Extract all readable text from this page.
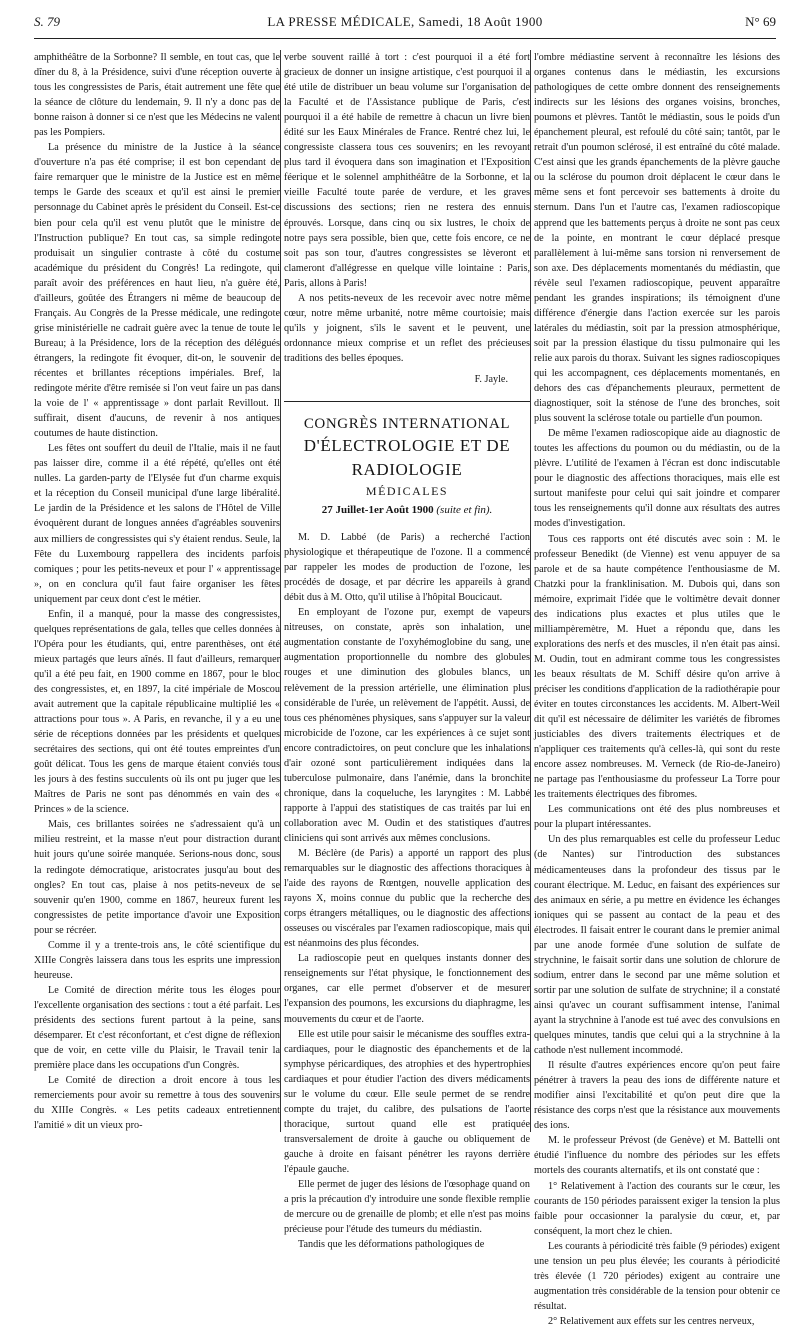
S. 79	LA PRESSE MÉDICALE, Samedi, 18 Août 1900	N° 69

amphithéâtre de la Sorbonne? Il semble, en tout cas, que le dîner du 8, à la Présidence, suivi d'une réception ouverte à tous les congressistes de Paris, était autrement une fête que la séance de clôture du lendemain, 9. Il n'y a donc pas de bonne raison à donner si ce n'est que les Médecins ne valent pas les Pompiers.

La présence du ministre de la Justice à la séance d'ouverture n'a pas été comprise; il est bon cependant de faire remarquer que le ministre de la Justice est en même temps le Garde des sceaux et qu'il est ainsi le premier personnage du Cabinet après le président du Conseil. Est-ce bien pour cela qu'il est venu plutôt que le ministre de l'Instruction publique? En tout cas, sa simple redingote produisait un singulier contraste à côté du costume académique du président du Congrès! La redingote, qui paraît avoir des préférences en haut lieu, n'a guère été, d'ailleurs, goûtée des Étrangers ni même de beaucoup de Français. Au Congrès de la Presse médicale, une redingote grise ministérielle ne cadrait guère avec la tenue de toute le Bureau; à la Présidence, lors de la réception des délégués étrangers, la redingote fit évoquer, dit-on, le souvenir de récentes et brillantes réceptions impériales. Bref, la redingote mérite d'être remisée si l'on veut faire un pas dans la voie de l' « apprentissage » dont parlait Revillout. Il suffirait, disent d'aucuns, de revenir à nos antiques coutumes de haute distinction.

Les fêtes ont souffert du deuil de l'Italie, mais il ne faut pas laisser dire, comme il a été répété, qu'elles ont été nulles. La garden-party de l'Elysée fut d'un charme exquis et la réception du Conseil municipal d'une large libéralité. Le jardin de la Présidence et les salons de l'Hôtel de Ville évoquèrent durant de longues années d'agréables souvenirs aux milliers de congressistes qui s'y étaient rendus. Seule, la Fête du Luxembourg rappellera des incidents parfois comiques ; pour les petits-neveux et pour l' « apprentissage », on en conclura qu'il faut faire organiser les fêtes uniquement par ceux dont c'est le métier.

Enfin, il a manqué, pour la masse des congressistes, quelques représentations de gala, telles que celles données à l'Opéra pour les étudiants, qui, entre parenthèses, ont été mieux partagés que leurs aînés. Il faut d'ailleurs, remarquer qu'il a été peu fait, en 1900 comme en 1867, pour le bloc des congressistes, et, en 1897, la cité impériale de Moscou avait autrement que la capitale républicaine multiplié les « attractions pour tous ». A Paris, en revanche, il y a eu une série de réceptions données par les présidents et quelques secrétaires des sections, qui ont été toutes empreintes d'un goût délicat. Tous les gens de marque étaient conviés tous les jours à des festins succulents où ils ont pu juger que les Maîtres de Paris ne sont pas dénommés en vain des « Princes » de la science.

Mais, ces brillantes soirées ne s'adressaient qu'à un milieu restreint, et la masse n'eut pour distraction durant huit jours qu'une soirée manquée. Serions-nous donc, sous la redingote démocratique, aristocrates jusqu'au bout des ongles? En tout cas, plaise à nos petits-neveux de se souvenir qu'en 1900, comme en 1867, heureux furent les congressistes de petite importance d'avoir une Exposition pour se récréer.

Comme il y a trente-trois ans, le côté scientifique du XIIIe Congrès laissera dans tous les esprits une impression heureuse.

Le Comité de direction mérite tous les éloges pour l'excellente organisation des sections : tout a été parfait. Les présidents des sections furent partout à la peine, sans désemparer. Et c'est réconfortant, et c'est digne de réflexion que de voir, en cette ville du Plaisir, le Travail tenir la première place dans les occupations d'un Congrès.

Le Comité de direction a droit encore à tous les remerciements pour avoir su remettre à tous des souvenirs du XIIIe Congrès. « Les petits cadeaux entretiennent l'amitié » dit un vieux pro-

verbe souvent raillé à tort : c'est pourquoi il a été fort gracieux de donner un insigne artistique, c'est pourquoi il a été utile de distribuer un beau volume sur l'organisation de la Faculté et de l'Assistance publique de Paris, c'est pourquoi il a été habile de remettre à chacun un livre bien édité sur les Eaux Minérales de France. Rentré chez lui, le congressiste classera tous ces souvenirs; en les revoyant plus tard il évoquera dans son imagination et l'Exposition féerique et le solennel amphithéâtre de la Sorbonne, et la vieille Faculté toute parée de verdure, et les graves discussions des sections; rien ne restera des ennuis éprouvés. Lorsque, dans cinq ou six lustres, le choix de notre pays sera possible, bien que, cette fois encore, ce ne soit pas son tour, d'autres congressistes se lèveront et clameront d'allégresse en quelque ville lointaine : Paris, Paris, allons à Paris!

A nos petits-neveux de les recevoir avec notre même cœur, notre même urbanité, notre même courtoisie; mais qu'ils y joignent, s'ils le savent et le peuvent, une ordonnance mieux comprise et un reflet des précieuses traditions des belles époques.

F. Jayle.

CONGRÈS INTERNATIONAL
D'ÉLECTROLOGIE ET DE RADIOLOGIE
MÉDICALES
27 Juillet-1er Août 1900 (suite et fin).

M. D. Labbé (de Paris) a recherché l'action physiologique et thérapeutique de l'ozone. Il a commencé par rappeler les modes de production de l'ozone, les procédés de dosage, et par décrire les appareils à grand débit dus à M. Otto, qu'il utilise à l'hôpital Boucicaut.

En employant de l'ozone pur, exempt de vapeurs nitreuses, on constate, après son inhalation, une augmentation constante de l'oxyhémoglobine du sang, une augmentation proportionnelle du nombre des globules rouges et une diminution des globules blancs, un relèvement de la pression artérielle, une élimination plus considérable de l'urée, un relèvement de l'appétit. Aussi, de tous ces phénomènes physiques, sans s'appuyer sur la valeur microbicide de l'ozone, car les expériences à ce sujet sont encore contradictoires, on peut conclure que les inhalations d'air ozoné sont particulièrement indiquées dans la tuberculose pulmonaire, dans l'anémie, dans la bronchite chronique, dans la coqueluche, les laryngites : M. Labbé rapporte à l'appui des statistiques de cas traités par lui en collaboration avec M. Oudin et des statistiques d'autres cliniciens qui sont arrivés aux mêmes conclusions.

M. Béclère (de Paris) a apporté un rapport des plus remarquables sur le diagnostic des affections thoraciques à l'aide des rayons de Rœntgen, nouvelle application des rayons X, moins connue du public que la recherche des corps étrangers métalliques, ou le diagnostic des affections osseuses ou viscérales par l'examen radioscopique, mais qui est néanmoins des plus fécondes.

La radioscopie peut en quelques instants donner des renseignements sur l'état physique, le fonctionnement des organes, car elle permet d'observer et de mesurer l'expansion des poumons, les excursions du diaphragme, les mouvements du cœur et de l'aorte.

Elle est utile pour saisir le mécanisme des souffles extra-cardiaques, pour le diagnostic des épanchements et de la symphyse péricardiques, des atrophies et des hypertrophies cardiaques et pour étudier l'action des divers médicaments sur le volume du cœur. Elle seule permet de se rendre compte du trajet, du calibre, des pulsations de l'aorte thoracique, surtout quand elle est pratiquée transversalement de droite à gauche ou obliquement de gauche à droite en faisant pénétrer les rayons derrière l'épaule gauche.

Elle permet de juger des lésions de l'œsophage quand on a pris la précaution d'y introduire une sonde flexible remplie de mercure ou de grenaille de plomb; et elle n'est pas moins précieuse pour l'étude des tumeurs du médiastin.

Tandis que les déformations pathologiques de

l'ombre médiastine servent à reconnaître les lésions des organes contenus dans le médiastin, les excursions pathologiques de cette ombre donnent des renseignements indirects sur les lésions des organes voisins, bronches, poumons et plèvres. Tantôt le médiastin, sous le poids d'un épanchement pleural, est refoulé du côté sain; tantôt, par le retrait d'un poumon sclérosé, il est entraîné du côté malade. C'est ainsi que les grands épanchements de la plèvre gauche ou la sclérose du poumon droit déplacent le cœur dans le même sens et font percevoir ses battements à droite du sternum. Dans l'un et l'autre cas, l'examen radioscopique apprend que les battements perçus à droite ne sont pas ceux de la pointe, en montrant le cœur déplacé presque parallèlement à lui-même sans torsion ni renversement de son axe. Des déplacements momentanés du médiastin, que révèle seul l'examen radioscopique, peuvent apparaître pendant les grandes inspirations; ils témoignent d'une différence d'énergie dans l'action exercée sur les parois latérales du médiastin, soit par la pression atmosphérique, soit par la pression élastique du tissu pulmonaire qui les relie aux parois du thorax. Suivant les signes radioscopiques qui les accompagnent, ces déplacements momentanés, en dehors des cas d'épanchements pleuraux, permettent de diagnostiquer, soit la sténose de l'une des bronches, soit plus souvent la sclérose totale ou partielle d'un poumon.

De même l'examen radioscopique aide au diagnostic de toutes les affections du poumon ou du médiastin, ou de la plèvre. L'utilité de l'examen à l'écran est donc indiscutable pour le diagnostic des affections thoraciques, mais elle est surtout manifeste pour celui qui sait joindre et comparer tous les renseignements qu'il donne aux résultats des autres modes d'investigation.

Tous ces rapports ont été discutés avec soin : M. le professeur Benedikt (de Vienne) est venu appuyer de sa parole et de sa haute compétence l'enthousiasme de M. Chatzki pour la franklinisation. M. Dubois qui, dans son mémoire, exprimait l'idée que le voltimètre devait donner des indications plus exactes et plus utiles que le milliampèremètre, M. Huet a répondu que, dans les explorations des nerfs et des muscles, il n'en était pas ainsi. M. Oudin, tout en admirant comme tous les congressistes les beaux résultats de M. Schiff désire qu'on arrive à préciser les conditions d'application de la radiothérapie pour éviter en toutes circonstances les accidents. M. Albert-Weil dit qu'il est nécessaire de délimiter les variétés de fibromes justiciables des divers traitements électriques et de n'appliquer ces traitements qu'à celles-là, qui sont du reste encore assez nombreuses. M. Verneck (de Rio-de-Janeiro) ne partage pas l'enthousiasme du professeur La Torre pour les traitements électriques des fibromes.

Les communications ont été des plus nombreuses et pour la plupart intéressantes.

Un des plus remarquables est celle du professeur Leduc (de Nantes) sur l'introduction des substances médicamenteuses dans la profondeur des tissus par le courant électrique. M. Leduc, en faisant des expériences sur des animaux en série, a pu mettre en évidence les échanges ioniques qui se passent au contact de la peau et des électrodes. Il faisait entrer le courant dans le premier animal par une anode formée d'une solution de sulfate de strychnine, le faisait sortir dans une solution de chlorure de sodium, entrer dans le second par une même solution et sortir par une solution de sulfate de strychnine; il a constaté ainsi qu'avec un courant suffisamment intense, l'animal ayant la strychnine à l'anode est tué avec des convulsions en quelques minutes, tandis que celui qui a la strychnine à la cathode n'est nullement incommodé.

Il résulte d'autres expériences encore qu'on peut faire pénétrer à travers la peau des ions de différente nature et modifier ainsi l'excitabilité et qu'on peut dire que la résistance des corps n'est que la résistance aux mouvements des ions.

M. le professeur Prévost (de Genève) et M. Battelli ont étudié l'influence du nombre des périodes sur les effets mortels des courants alternatifs, et ils ont constaté que :

1° Relativement à l'action des courants sur le cœur, les courants de 150 périodes paraissent exiger la tension la plus faible pour occasionner la paralysie du cœur, et, par conséquent, la mort chez le chien.

Les courants à périodicité très faible (9 périodes) exigent une tension un peu plus élevée; les courants à périodicité très élevée (1 720 périodes) exigent au contraire une augmentation très considérable de la tension pour obtenir ce résultat.

2° Relativement aux effets sur les centres nerveux,
